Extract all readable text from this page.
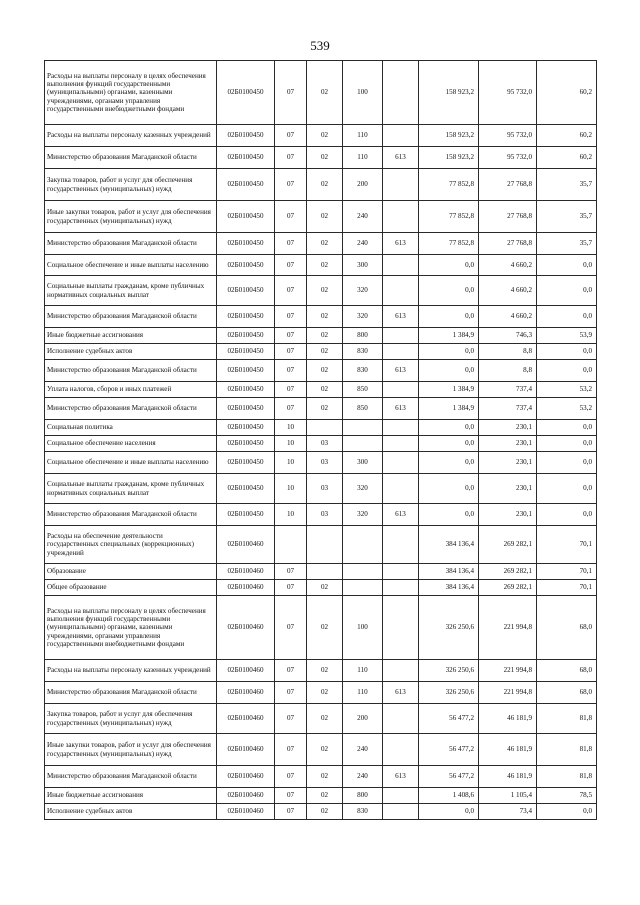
539
Расходы на выплаты персоналу в целях обеспечения выполнения функций государственными (муниципальными) органами, казенными учреждениями, органами управления государственными внебюджетными фондами	02Б0100450	07	02	100		158 923,2	95 732,0	60,2
Расходы на выплаты персоналу казенных учреждений	02Б0100450	07	02	110		158 923,2	95 732,0	60,2
Министерство образования Магаданской области	02Б0100450	07	02	110	613	158 923,2	95 732,0	60,2
Закупка товаров, работ и услуг для обеспечения государственных (муниципальных) нужд	02Б0100450	07	02	200		77 852,8	27 768,8	35,7
Иные закупки товаров, работ и услуг для обеспечения государственных (муниципальных) нужд	02Б0100450	07	02	240		77 852,8	27 768,8	35,7
Министерство образования Магаданской области	02Б0100450	07	02	240	613	77 852,8	27 768,8	35,7
Социальное обеспечение и иные выплаты населению	02Б0100450	07	02	300		0,0	4 660,2	0,0
Социальные выплаты гражданам, кроме публичных нормативных социальных выплат	02Б0100450	07	02	320		0,0	4 660,2	0,0
Министерство образования Магаданской области	02Б0100450	07	02	320	613	0,0	4 660,2	0,0
Иные бюджетные ассигнования	02Б0100450	07	02	800		1 384,9	746,3	53,9
Исполнение судебных актов	02Б0100450	07	02	830		0,0	8,8	0,0
Министерство образования Магаданской области	02Б0100450	07	02	830	613	0,0	8,8	0,0
Уплата налогов, сборов и иных платежей	02Б0100450	07	02	850		1 384,9	737,4	53,2
Министерство образования Магаданской области	02Б0100450	07	02	850	613	1 384,9	737,4	53,2
Социальная политика	02Б0100450	10				0,0	230,1	0,0
Социальное обеспечение населения	02Б0100450	10	03			0,0	230,1	0,0
Социальное обеспечение и иные выплаты населению	02Б0100450	10	03	300		0,0	230,1	0,0
Социальные выплаты гражданам, кроме публичных нормативных социальных выплат	02Б0100450	10	03	320		0,0	230,1	0,0
Министерство образования Магаданской области	02Б0100450	10	03	320	613	0,0	230,1	0,0
Расходы на обеспечение деятельности государственных специальных (коррекционных) учреждений	02Б0100460					384 136,4	269 282,1	70,1
Образование	02Б0100460	07				384 136,4	269 282,1	70,1
Общее образование	02Б0100460	07	02			384 136,4	269 282,1	70,1
Расходы на выплаты персоналу в целях обеспечения выполнения функций государственными (муниципальными) органами, казенными учреждениями, органами управления государственными внебюджетными фондами	02Б0100460	07	02	100		326 250,6	221 994,8	68,0
Расходы на выплаты персоналу казенных учреждений	02Б0100460	07	02	110		326 250,6	221 994,8	68,0
Министерство образования Магаданской области	02Б0100460	07	02	110	613	326 250,6	221 994,8	68,0
Закупка товаров, работ и услуг для обеспечения государственных (муниципальных) нужд	02Б0100460	07	02	200		56 477,2	46 181,9	81,8
Иные закупки товаров, работ и услуг для обеспечения государственных (муниципальных) нужд	02Б0100460	07	02	240		56 477,2	46 181,9	81,8
Министерство образования Магаданской области	02Б0100460	07	02	240	613	56 477,2	46 181,9	81,8
Иные бюджетные ассигнования	02Б0100460	07	02	800		1 408,6	1 105,4	78,5
Исполнение судебных актов	02Б0100460	07	02	830		0,0	73,4	0,0
